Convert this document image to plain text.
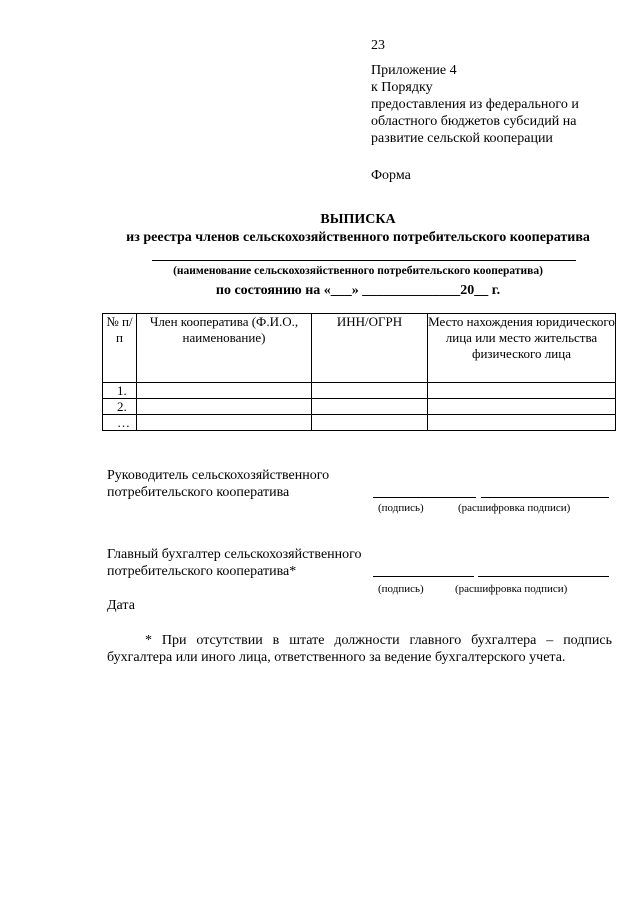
23
Приложение 4
к Порядку
предоставления из федерального и
областного бюджетов субсидий на
развитие сельской кооперации
Форма
ВЫПИСКА
из реестра членов сельскохозяйственного потребительского кооператива
(наименование сельскохозяйственного потребительского кооператива)
по состоянию на «___» ______________20__ г.
№ п/п	Член кооператива (Ф.И.О., наименование)	ИНН/ОГРН	Место нахождения юридического лица или место жительства физического лица
1.			
2.			
…			
Руководитель сельскохозяйственного
потребительского кооператива
(подпись)	(расшифровка подписи)
Главный бухгалтер сельскохозяйственного
потребительского кооператива*
(подпись)	(расшифровка подписи)
Дата
* При отсутствии в штате должности главного бухгалтера – подпись бухгалтера или иного лица, ответственного за ведение бухгалтерского учета.
